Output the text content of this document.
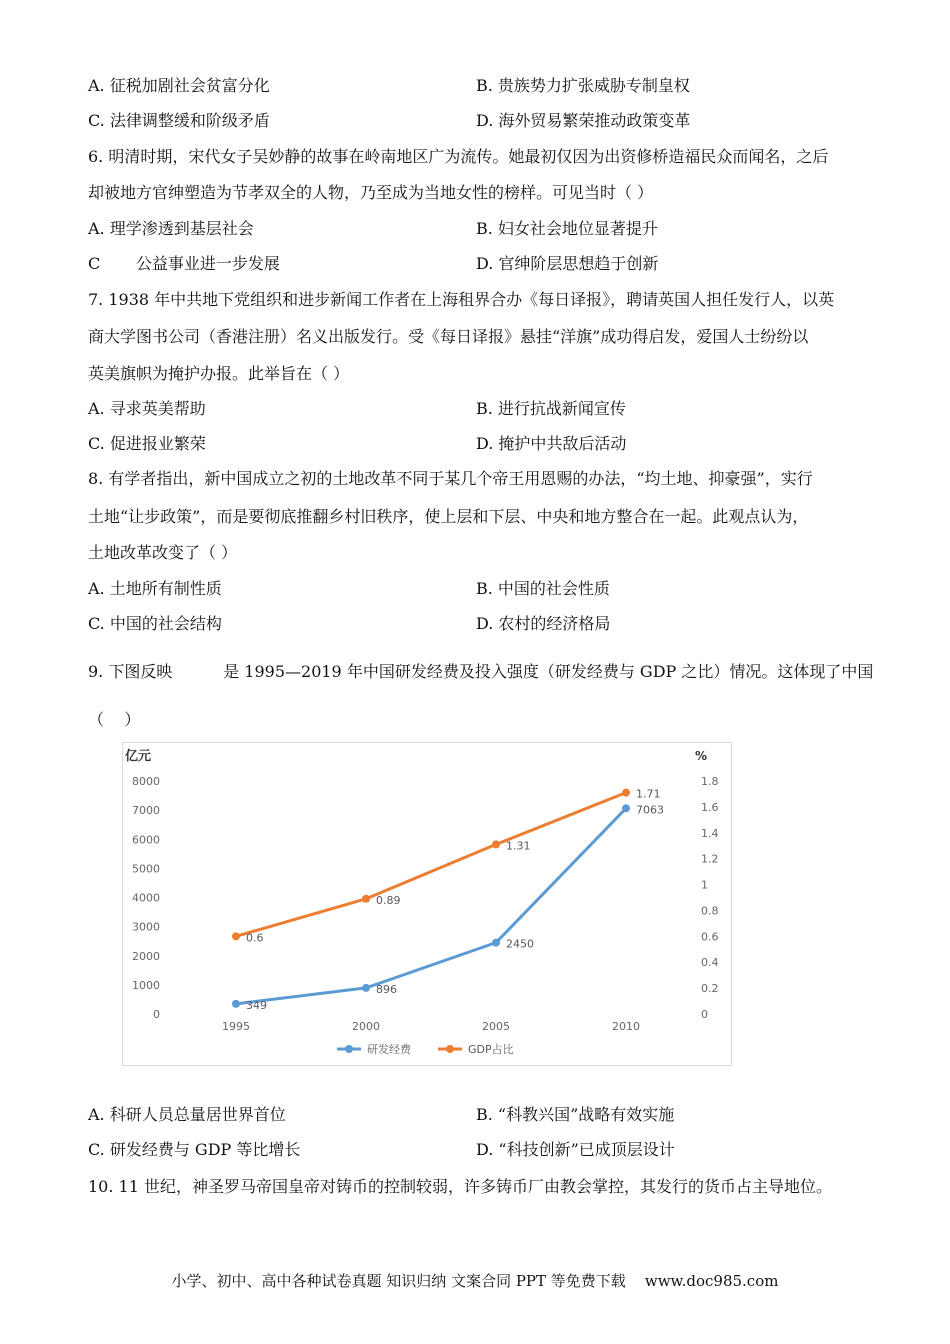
A. 征税加剧社会贫富分化	B. 贵族势力扩张威胁专制皇权
C. 法律调整缓和阶级矛盾	D. 海外贸易繁荣推动政策变革
6. 明清时期，宋代女子吴妙静的故事在岭南地区广为流传。她最初仅因为出资修桥造福民众而闻名，之后
却被地方官绅塑造为节孝双全的人物，乃至成为当地女性的榜样。可见当时（ ）
A. 理学渗透到基层社会	B. 妇女社会地位显著提升
C       公益事业进一步发展	D. 官绅阶层思想趋于创新
7. 1938 年中共地下党组织和进步新闻工作者在上海租界合办《每日译报》，聘请英国人担任发行人，以英
商大学图书公司（香港注册）名义出版发行。受《每日译报》悬挂“洋旗”成功得启发，爱国人士纷纷以
英美旗帜为掩护办报。此举旨在（ ）
A. 寻求英美帮助	B. 进行抗战新闻宣传
C. 促进报业繁荣	D. 掩护中共敌后活动
8. 有学者指出，新中国成立之初的土地改革不同于某几个帝王用恩赐的办法，“均土地、抑豪强”，实行
土地“让步政策”，而是要彻底推翻乡村旧秩序，使上层和下层、中央和地方整合在一起。此观点认为，
土地改革改变了（ ）
A. 土地所有制性质	B. 中国的社会性质
C. 中国的社会结构	D. 农村的经济格局
9. 下图反映          是 1995—2019 年中国研发经费及投入强度（研发经费与 GDP 之比）情况。这体现了中国
（    ）
亿元	%
0
1000
2000
3000
4000
5000
6000
7000
8000
0
0.2
0.4
0.6
0.8
1
1.2
1.4
1.6
1.8
1995	2000	2005	2010
349
896
2450
7063
0.6
0.89
1.31
1.71
研发经费	GDP占比
A. 科研人员总量居世界首位	B. “科教兴国”战略有效实施
C. 研发经费与 GDP 等比增长	D. “科技创新”已成顶层设计
10. 11 世纪，神圣罗马帝国皇帝对铸币的控制较弱，许多铸币厂由教会掌控，其发行的货币占主导地位。
小学、初中、高中各种试卷真题 知识归纳 文案合同 PPT 等免费下载    www.doc985.com
